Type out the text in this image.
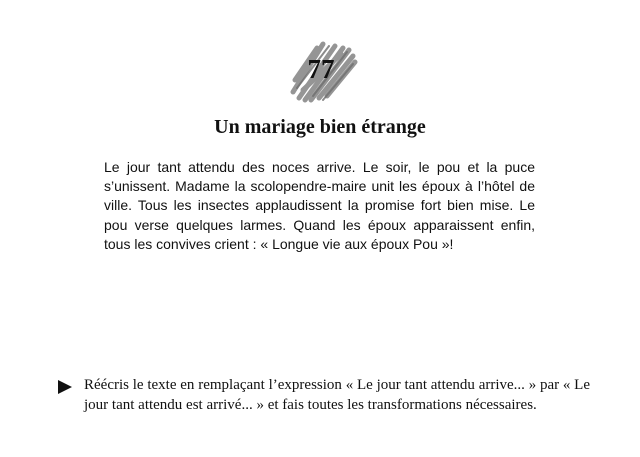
77
Un mariage bien étrange

Le jour tant attendu des noces arrive. Le soir, le pou et la puce s’unissent. Madame la scolopendre-maire unit les époux à l’hôtel de ville. Tous les insectes applaudissent la promise fort bien mise. Le pou verse quelques larmes. Quand les époux apparaissent enfin, tous les convives crient : « Longue vie aux époux Pou »!

Réécris le texte en remplaçant l’expression « Le jour tant attendu arrive... » par « Le jour tant attendu est arrivé... » et fais toutes les transformations nécessaires.
